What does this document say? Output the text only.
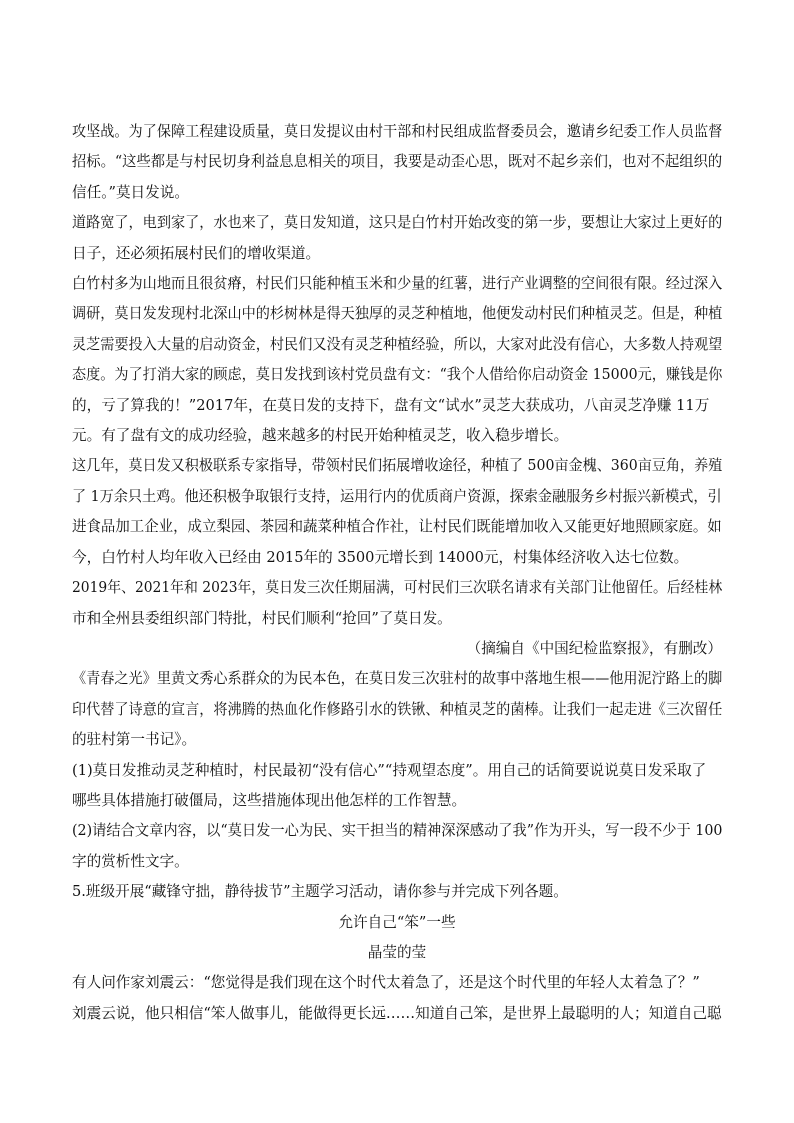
攻坚战。为了保障工程建设质量，莫日发提议由村干部和村民组成监督委员会，邀请乡纪委工作人员监督
招标。“这些都是与村民切身利益息息相关的项目，我要是动歪心思，既对不起乡亲们，也对不起组织的
信任。”莫日发说。

道路宽了，电到家了，水也来了，莫日发知道，这只是白竹村开始改变的第一步，要想让大家过上更好的
日子，还必须拓展村民们的增收渠道。

白竹村多为山地而且很贫瘠，村民们只能种植玉米和少量的红薯，进行产业调整的空间很有限。经过深入
调研，莫日发发现村北深山中的杉树林是得天独厚的灵芝种植地，他便发动村民们种植灵芝。但是，种植
灵芝需要投入大量的启动资金，村民们又没有灵芝种植经验，所以，大家对此没有信心，大多数人持观望
态度。为了打消大家的顾虑，莫日发找到该村党员盘有文：“我个人借给你启动资金 15000元，赚钱是你
的，亏了算我的！”2017年，在莫日发的支持下，盘有文“试水”灵芝大获成功，八亩灵芝净赚 11万
元。有了盘有文的成功经验，越来越多的村民开始种植灵芝，收入稳步增长。

这几年，莫日发又积极联系专家指导，带领村民们拓展增收途径，种植了 500亩金槐、360亩豆角，养殖
了 1万余只土鸡。他还积极争取银行支持，运用行内的优质商户资源，探索金融服务乡村振兴新模式，引
进食品加工企业，成立梨园、茶园和蔬菜种植合作社，让村民们既能增加收入又能更好地照顾家庭。如
今，白竹村人均年收入已经由 2015年的 3500元增长到 14000元，村集体经济收入达七位数。

2019年、2021年和 2023年，莫日发三次任期届满，可村民们三次联名请求有关部门让他留任。后经桂林
市和全州县委组织部门特批，村民们顺利“抢回”了莫日发。

（摘编自《中国纪检监察报》，有删改）

《青春之光》里黄文秀心系群众的为民本色，在莫日发三次驻村的故事中落地生根——他用泥泞路上的脚
印代替了诗意的宣言，将沸腾的热血化作修路引水的铁锹、种植灵芝的菌棒。让我们一起走进《三次留任
的驻村第一书记》。

(1)莫日发推动灵芝种植时，村民最初“没有信心”“持观望态度”。用自己的话简要说说莫日发采取了
哪些具体措施打破僵局，这些措施体现出他怎样的工作智慧。

(2)请结合文章内容，以“莫日发一心为民、实干担当的精神深深感动了我”作为开头，写一段不少于 100
字的赏析性文字。

5.班级开展“藏锋守拙，静待拔节”主题学习活动，请你参与并完成下列各题。

允许自己“笨”一些

晶莹的莹

有人问作家刘震云：“您觉得是我们现在这个时代太着急了，还是这个时代里的年轻人太着急了？”
刘震云说，他只相信“笨人做事儿，能做得更长远……知道自己笨，是世界上最聪明的人；知道自己聪
